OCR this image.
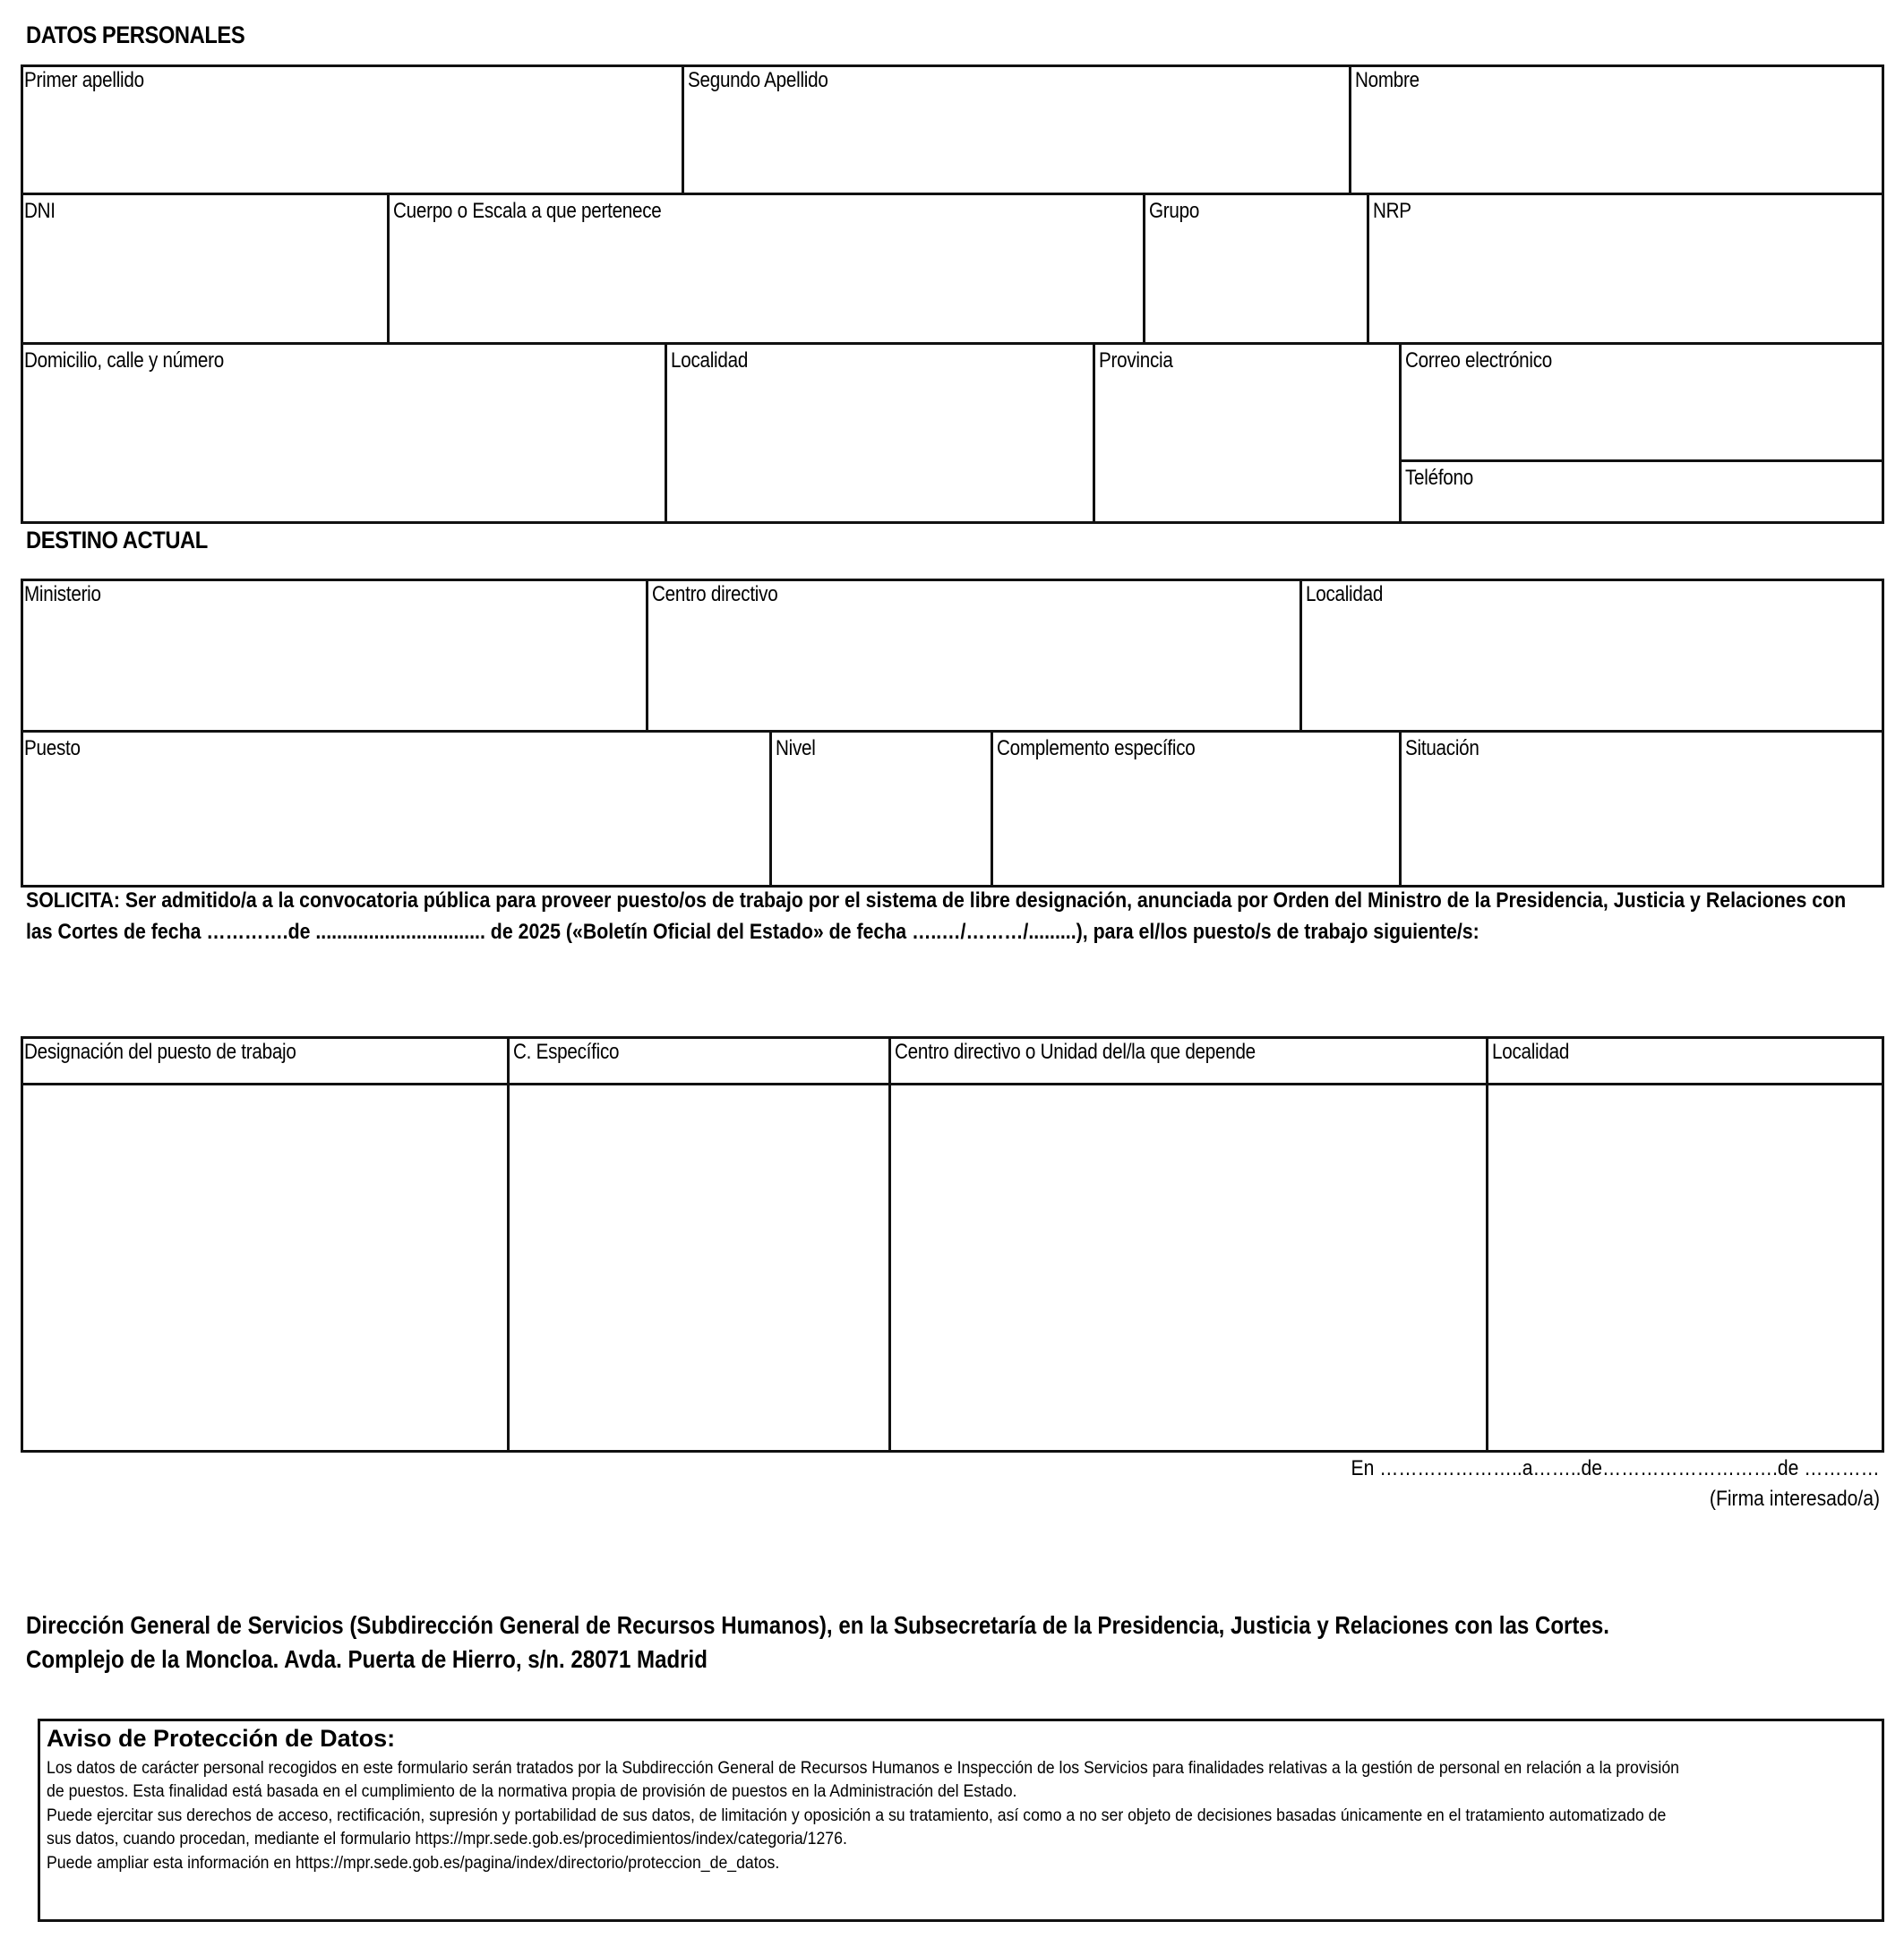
DATOS PERSONALES
Primer apellido	Segundo Apellido	Nombre
DNI	Cuerpo o Escala a que pertenece	Grupo	NRP
Domicilio, calle y número	Localidad	Provincia	Correo electrónico
Teléfono
DESTINO ACTUAL
Ministerio	Centro directivo	Localidad
Puesto	Nivel	Complemento específico	Situación
SOLICITA: Ser admitido/a a la convocatoria pública para proveer puesto/os de trabajo por el sistema de libre designación, anunciada por Orden del Ministro de la Presidencia, Justicia y Relaciones con
las Cortes de fecha ………….de ................................ de 2025 («Boletín Oficial del Estado» de fecha …..…/………/.........), para el/los puesto/s de trabajo siguiente/s:
Designación del puesto de trabajo	C. Específico	Centro directivo o Unidad del/la que depende	Localidad
En …………………..a……..de……………………….de …………
(Firma interesado/a)
Dirección General de Servicios (Subdirección General de Recursos Humanos), en la Subsecretaría de la Presidencia, Justicia y Relaciones con las Cortes.
Complejo de la Moncloa. Avda. Puerta de Hierro, s/n. 28071 Madrid
Aviso de Protección de Datos:
Los datos de carácter personal recogidos en este formulario serán tratados por la Subdirección General de Recursos Humanos e Inspección de los Servicios para finalidades relativas a la gestión de personal en relación a la provisión
de puestos. Esta finalidad está basada en el cumplimiento de la normativa propia de provisión de puestos en la Administración del Estado.
Puede ejercitar sus derechos de acceso, rectificación, supresión y portabilidad de sus datos, de limitación y oposición a su tratamiento, así como a no ser objeto de decisiones basadas únicamente en el tratamiento automatizado de
sus datos, cuando procedan, mediante el formulario https://mpr.sede.gob.es/procedimientos/index/categoria/1276.
Puede ampliar esta información en https://mpr.sede.gob.es/pagina/index/directorio/proteccion_de_datos.
